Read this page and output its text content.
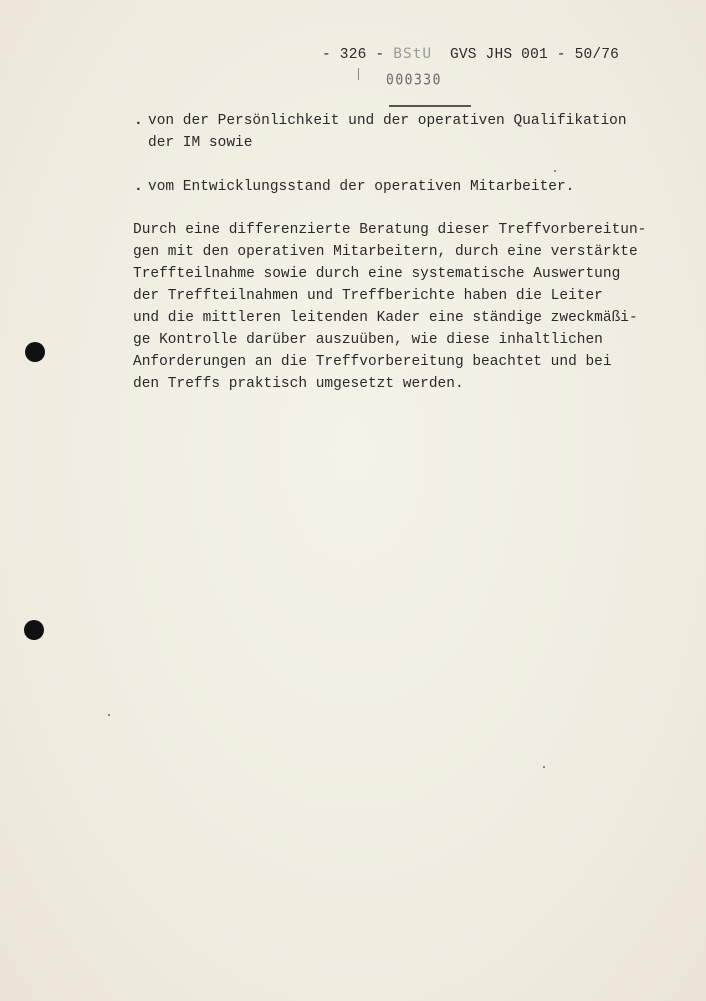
- 326 - BStU GVS JHS 001 - 50/76
000330
. von der Persönlichkeit und der operativen Qualifikation
der IM sowie
. vom Entwicklungsstand der operativen Mitarbeiter.
Durch eine differenzierte Beratung dieser Treffvorbereitun-
gen mit den operativen Mitarbeitern, durch eine verstärkte
Treffteilnahme sowie durch eine systematische Auswertung
der Treffteilnahmen und Treffberichte haben die Leiter
und die mittleren leitenden Kader eine ständige zweckmäßi-
ge Kontrolle darüber auszuüben, wie diese inhaltlichen
Anforderungen an die Treffvorbereitung beachtet und bei
den Treffs praktisch umgesetzt werden.
